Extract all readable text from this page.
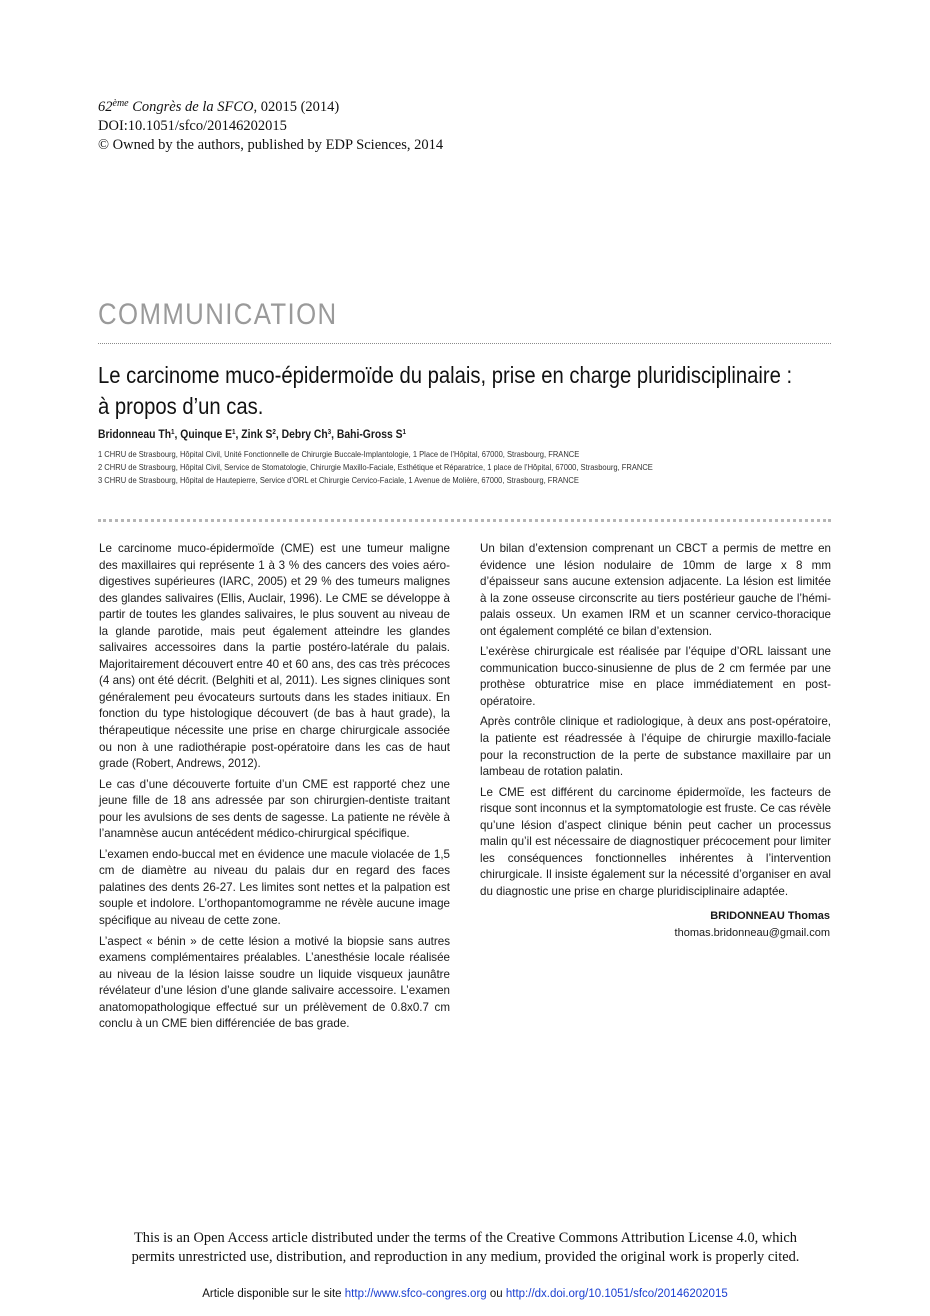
62ème Congrès de la SFCO, 02015 (2014)
DOI:10.1051/sfco/20146202015
© Owned by the authors, published by EDP Sciences, 2014
COMMUNICATION
Le carcinome muco-épidermoïde du palais, prise en charge pluridisciplinaire :
à propos d’un cas.
Bridonneau Th$^1$, Quinque $E^1$, Zink $S^2$, Debry Ch$^3$, Bahi-Gross $S^1$
1 CHRU de Strasbourg, Hôpital Civil, Unité Fonctionnelle de Chirurgie Buccale-Implantologie, 1 Place de l’Hôpital, 67000, Strasbourg, FRANCE
2 CHRU de Strasbourg, Hôpital Civil, Service de Stomatologie, Chirurgie Maxillo-Faciale, Esthétique et Réparatrice, 1 place de l’Hôpital, 67000, Strasbourg, FRANCE
3 CHRU de Strasbourg, Hôpital de Hautepierre, Service d’ORL et Chirurgie Cervico-Faciale, 1 Avenue de Molière, 67000, Strasbourg, FRANCE

Le carcinome muco-épidermoïde (CME) est une tumeur maligne des maxillaires qui représente 1 à 3 % des cancers des voies aéro-digestives supérieures (IARC, 2005) et 29 % des tumeurs malignes des glandes salivaires (Ellis, Auclair, 1996). Le CME se développe à partir de toutes les glandes salivaires, le plus souvent au niveau de la glande parotide, mais peut également atteindre les glandes salivaires accessoires dans la partie postéro-latérale du palais. Majoritairement découvert entre 40 et 60 ans, des cas très précoces (4 ans) ont été décrit. (Belghiti et al, 2011). Les signes cliniques sont généralement peu évocateurs surtouts dans les stades initiaux. En fonction du type histologique découvert (de bas à haut grade), la thérapeutique nécessite une prise en charge chirurgicale associée ou non à une radiothérapie post-opératoire dans les cas de haut grade (Robert, Andrews, 2012).

Le cas d’une découverte fortuite d’un CME est rapporté chez une jeune fille de 18 ans adressée par son chirurgien-dentiste traitant pour les avulsions de ses dents de sagesse. La patiente ne révèle à l’anamnèse aucun antécédent médico-chirurgical spécifique.

L’examen endo-buccal met en évidence une macule violacée de 1,5 cm de diamètre au niveau du palais dur en regard des faces palatines des dents 26-27. Les limites sont nettes et la palpation est souple et indolore. L’orthopantomogramme ne révèle aucune image spécifique au niveau de cette zone.

L’aspect « bénin » de cette lésion a motivé la biopsie sans autres examens complémentaires préalables. L’anesthésie locale réalisée au niveau de la lésion laisse soudre un liquide visqueux jaunâtre révélateur d’une lésion d’une glande salivaire accessoire. L’examen anatomopathologique effectué sur un prélèvement de 0.8x0.7 cm conclu à un CME bien différenciée de bas grade.

Un bilan d’extension comprenant un CBCT a permis de mettre en évidence une lésion nodulaire de 10mm de large x 8 mm d’épaisseur sans aucune extension adjacente. La lésion est limitée à la zone osseuse circonscrite au tiers postérieur gauche de l’hémi-palais osseux. Un examen IRM et un scanner cervico-thoracique ont également complété ce bilan d’extension.

L’exérèse chirurgicale est réalisée par l’équipe d’ORL laissant une communication bucco-sinusienne de plus de 2 cm fermée par une prothèse obturatrice mise en place immédiatement en post-opératoire.

Après contrôle clinique et radiologique, à deux ans post-opératoire, la patiente est réadressée à l’équipe de chirurgie maxillo-faciale pour la reconstruction de la perte de substance maxillaire par un lambeau de rotation palatin.

Le CME est différent du carcinome épidermoïde, les facteurs de risque sont inconnus et la symptomatologie est fruste. Ce cas révèle qu’une lésion d’aspect clinique bénin peut cacher un processus malin qu’il est nécessaire de diagnostiquer précocement pour limiter les conséquences fonctionnelles inhérentes à l’intervention chirurgicale. Il insiste également sur la nécessité d’organiser en aval du diagnostic une prise en charge pluridisciplinaire adaptée.

BRIDONNEAU Thomas
thomas.bridonneau@gmail.com
This is an Open Access article distributed under the terms of the Creative Commons Attribution License 4.0, which
permits unrestricted use, distribution, and reproduction in any medium, provided the original work is properly cited.
Article disponible sur le site http://www.sfco-congres.org ou http://dx.doi.org/10.1051/sfco/20146202015
